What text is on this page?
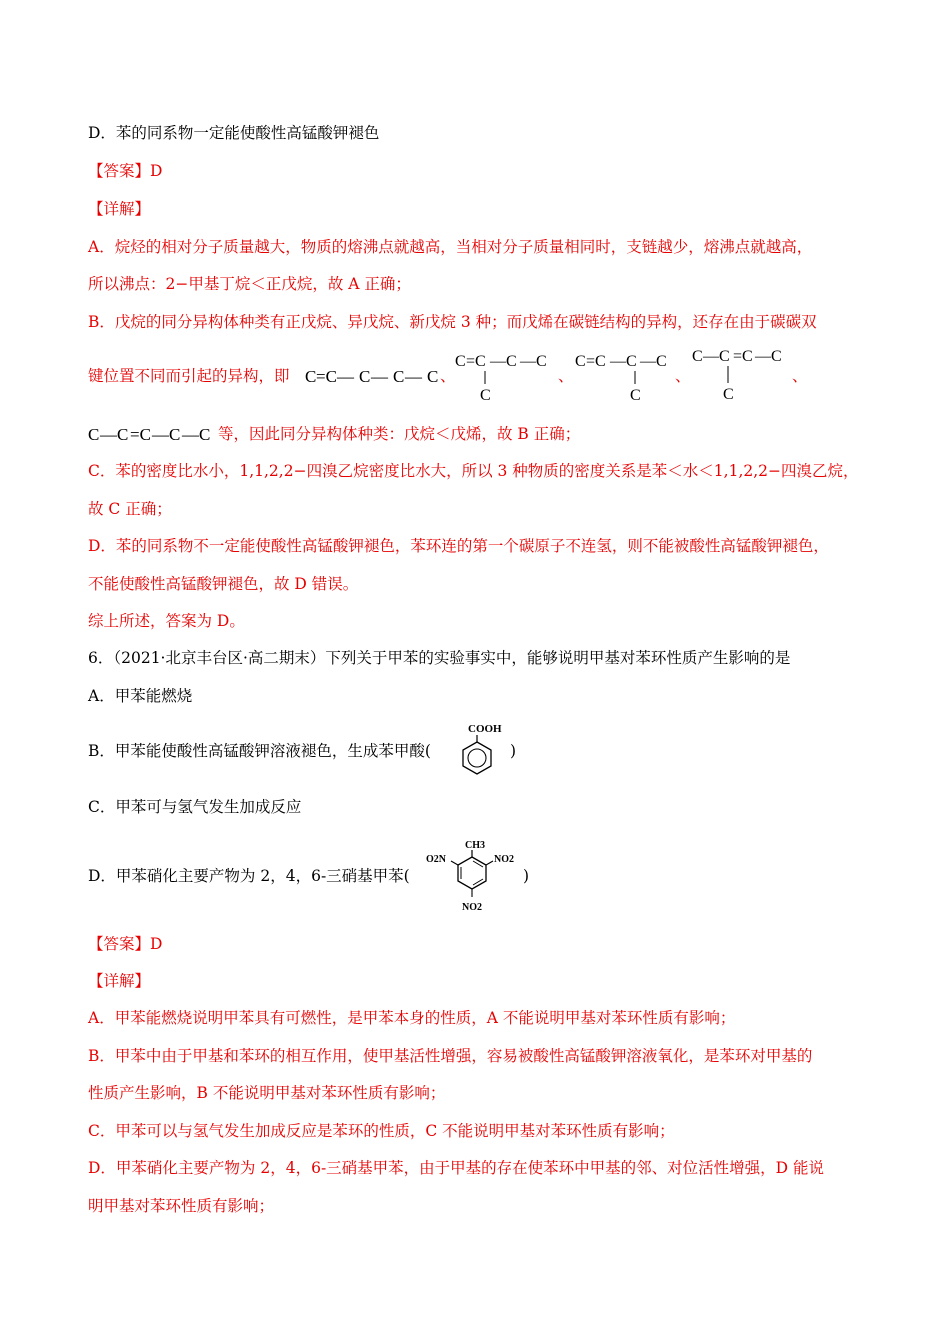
D．苯的同系物一定能使酸性高锰酸钾褪色
【答案】D
【详解】
A．烷烃的相对分子质量越大，物质的熔沸点就越高，当相对分子质量相同时，支链越少，熔沸点就越高，
所以沸点：2−甲基丁烷＜正戊烷，故 A 正确；
B．戊烷的同分异构体种类有正戊烷、异戊烷、新戊烷 3 种；而戊烯在碳链结构的异构，还存在由于碳碳双
键位置不同而引起的异构，即 C =C — C — C — C 、
C =C —C —C
C
、
C =C —C —C
C
、
C —C =C —C
C
、
C —C =C —C —C 等，因此同分异构体种类：戊烷＜戊烯，故 B 正确；
C．苯的密度比水小，1,1,2,2−四溴乙烷密度比水大，所以 3 种物质的密度关系是苯＜水＜1,1,2,2−四溴乙烷，
故 C 正确；
D．苯的同系物不一定能使酸性高锰酸钾褪色，苯环连的第一个碳原子不连氢，则不能被酸性高锰酸钾褪色，
不能使酸性高锰酸钾褪色，故 D 错误。
综上所述，答案为 D。
6．（2021·北京丰台区·高二期末）下列关于甲苯的实验事实中，能够说明甲基对苯环性质产生影响的是
A．甲苯能燃烧
B．甲苯能使酸性高锰酸钾溶液褪色，生成苯甲酸(
COOH
)
C．甲苯可与氢气发生加成反应
D．甲苯硝化主要产物为 2，4，6-三硝基甲苯(
CH3
O2N	NO2
NO2
)
【答案】D
【详解】
A．甲苯能燃烧说明甲苯具有可燃性，是甲苯本身的性质，A 不能说明甲基对苯环性质有影响；
B．甲苯中由于甲基和苯环的相互作用，使甲基活性增强，容易被酸性高锰酸钾溶液氧化，是苯环对甲基的
性质产生影响，B 不能说明甲基对苯环性质有影响；
C．甲苯可以与氢气发生加成反应是苯环的性质，C 不能说明甲基对苯环性质有影响；
D．甲苯硝化主要产物为 2，4，6-三硝基甲苯，由于甲基的存在使苯环中甲基的邻、对位活性增强，D 能说
明甲基对苯环性质有影响；
